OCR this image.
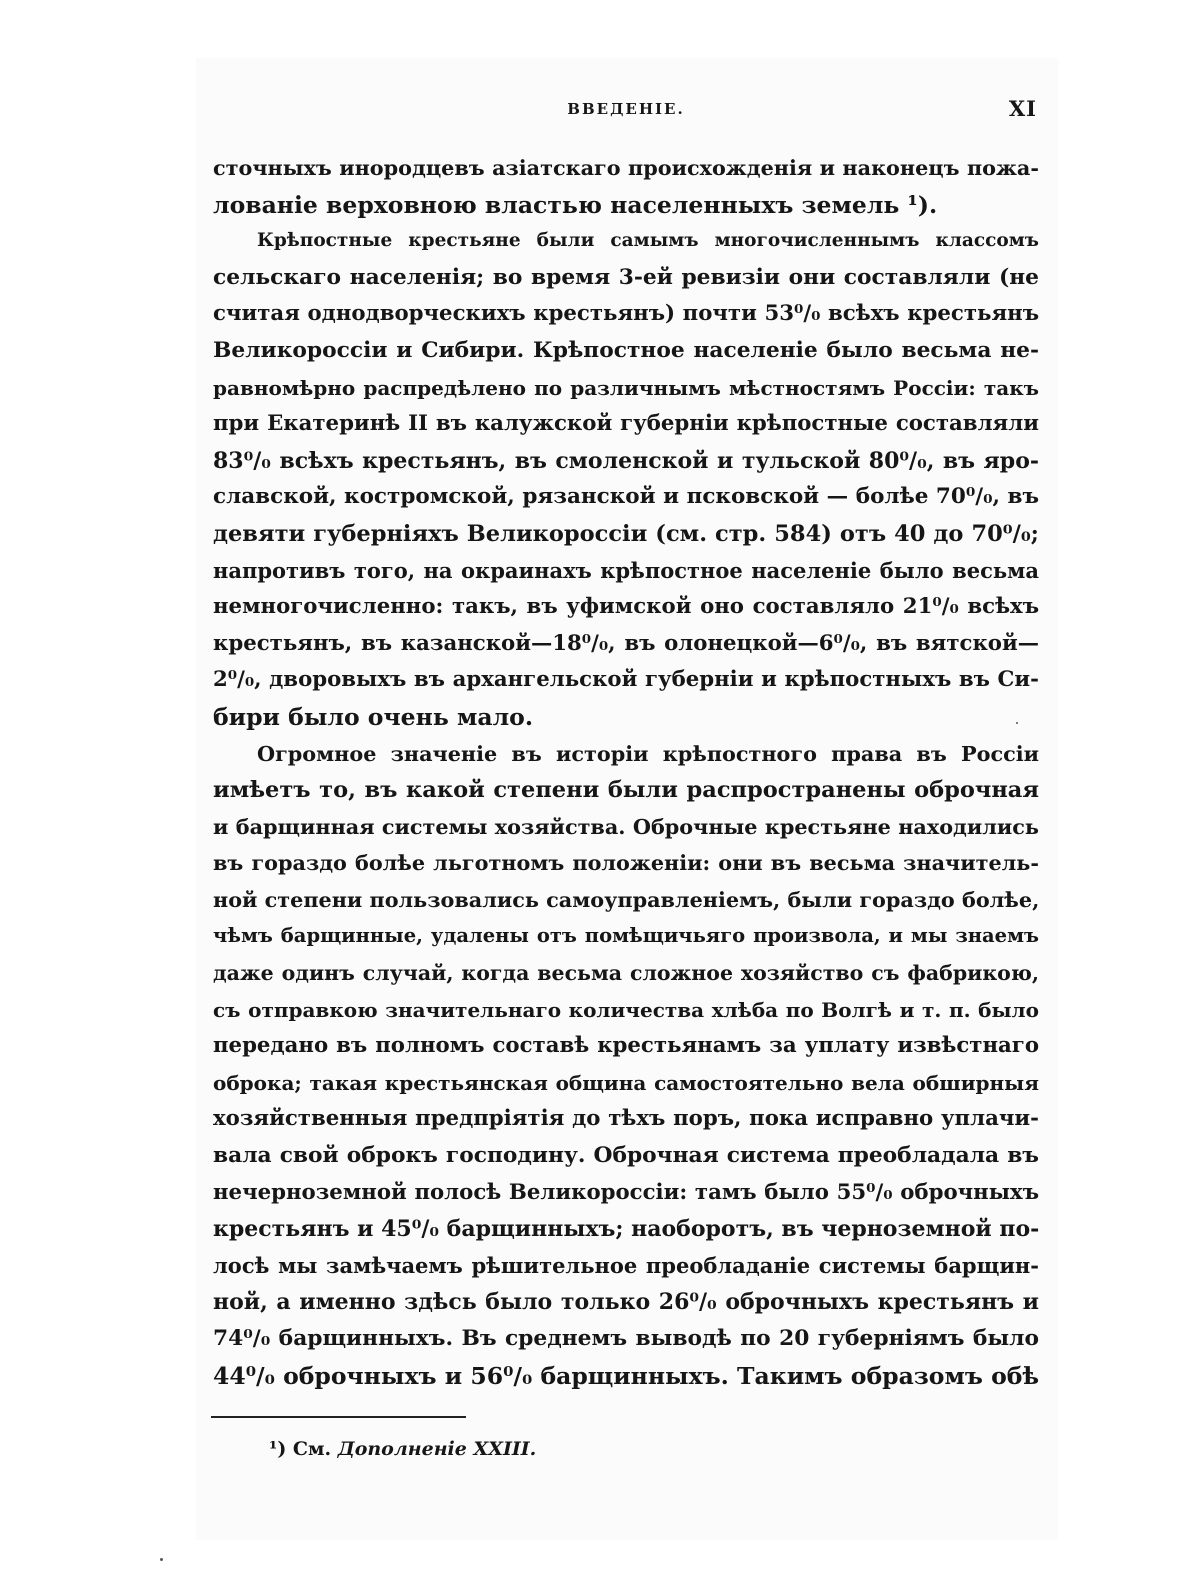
ВВЕДЕНІЕ.	XI
сточныхъ инородцевъ азіатскаго происхожденія и наконецъ пожа-
лованіе верховною властью населенныхъ земель ¹).
Крѣпостные крестьяне были самымъ многочисленнымъ классомъ
сельскаго населенія; во время 3-ей ревизіи они составляли (не
считая однодворческихъ крестьянъ) почти 53⁰/₀ всѣхъ крестьянъ
Великороссіи и Сибири. Крѣпостное населеніе было весьма не-
равномѣрно распредѣлено по различнымъ мѣстностямъ Россіи: такъ
при Екатеринѣ II въ калужской губерніи крѣпостные составляли
83⁰/₀ всѣхъ крестьянъ, въ смоленской и тульской 80⁰/₀, въ яро-
славской, костромской, рязанской и псковской — болѣе 70⁰/₀, въ
девяти губерніяхъ Великороссіи (см. стр. 584) отъ 40 до 70⁰/₀;
напротивъ того, на окраинахъ крѣпостное населеніе было весьма
немногочисленно: такъ, въ уфимской оно составляло 21⁰/₀ всѣхъ
крестьянъ, въ казанской—18⁰/₀, въ олонецкой—6⁰/₀, въ вятской—
2⁰/₀, дворовыхъ въ архангельской губерніи и крѣпостныхъ въ Си-
бири было очень мало.
Огромное значеніе въ исторіи крѣпостного права въ Россіи
имѣетъ то, въ какой степени были распространены оброчная
и барщинная системы хозяйства. Оброчные крестьяне находились
въ гораздо болѣе льготномъ положеніи: они въ весьма значитель-
ной степени пользовались самоуправленіемъ, были гораздо болѣе,
чѣмъ барщинные, удалены отъ помѣщичьяго произвола, и мы знаемъ
даже одинъ случай, когда весьма сложное хозяйство съ фабрикою,
съ отправкою значительнаго количества хлѣба по Волгѣ и т. п. было
передано въ полномъ составѣ крестьянамъ за уплату извѣстнаго
оброка; такая крестьянская община самостоятельно вела обширныя
хозяйственныя предпріятія до тѣхъ поръ, пока исправно уплачи-
вала свой оброкъ господину. Оброчная система преобладала въ
нечерноземной полосѣ Великороссіи: тамъ было 55⁰/₀ оброчныхъ
крестьянъ и 45⁰/₀ барщинныхъ; наоборотъ, въ черноземной по-
лосѣ мы замѣчаемъ рѣшительное преобладаніе системы барщин-
ной, а именно здѣсь было только 26⁰/₀ оброчныхъ крестьянъ и
74⁰/₀ барщинныхъ. Въ среднемъ выводѣ по 20 губерніямъ было
44⁰/₀ оброчныхъ и 56⁰/₀ барщинныхъ. Такимъ образомъ обѣ
¹) См. Дополненіе XXIII.
